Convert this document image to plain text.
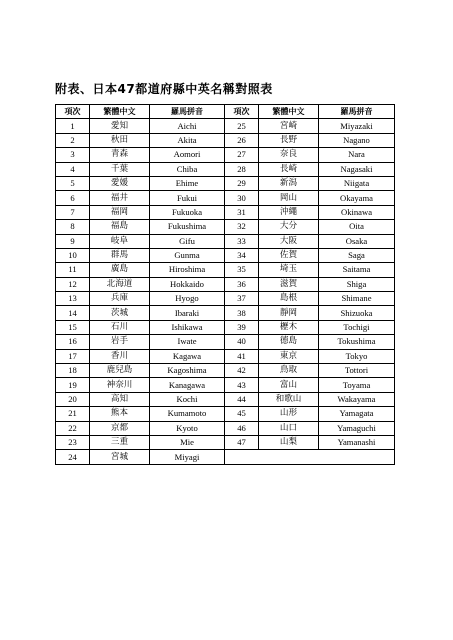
附表、日本47都道府縣中英名稱對照表
項次	繁體中文	羅馬拼音	項次	繁體中文	羅馬拼音
1	愛知	Aichi	25	宮崎	Miyazaki
2	秋田	Akita	26	長野	Nagano
3	青森	Aomori	27	奈良	Nara
4	千葉	Chiba	28	長崎	Nagasaki
5	愛媛	Ehime	29	新潟	Niigata
6	福井	Fukui	30	岡山	Okayama
7	福岡	Fukuoka	31	沖繩	Okinawa
8	福島	Fukushima	32	大分	Oita
9	岐阜	Gifu	33	大阪	Osaka
10	群馬	Gunma	34	佐賀	Saga
11	廣島	Hiroshima	35	埼玉	Saitama
12	北海道	Hokkaido	36	滋賀	Shiga
13	兵庫	Hyogo	37	島根	Shimane
14	茨城	Ibaraki	38	靜岡	Shizuoka
15	石川	Ishikawa	39	櫪木	Tochigi
16	岩手	Iwate	40	德島	Tokushima
17	香川	Kagawa	41	東京	Tokyo
18	鹿兒島	Kagoshima	42	鳥取	Tottori
19	神奈川	Kanagawa	43	富山	Toyama
20	高知	Kochi	44	和歌山	Wakayama
21	熊本	Kumamoto	45	山形	Yamagata
22	京都	Kyoto	46	山口	Yamaguchi
23	三重	Mie	47	山梨	Yamanashi
24	宮城	Miyagi			
